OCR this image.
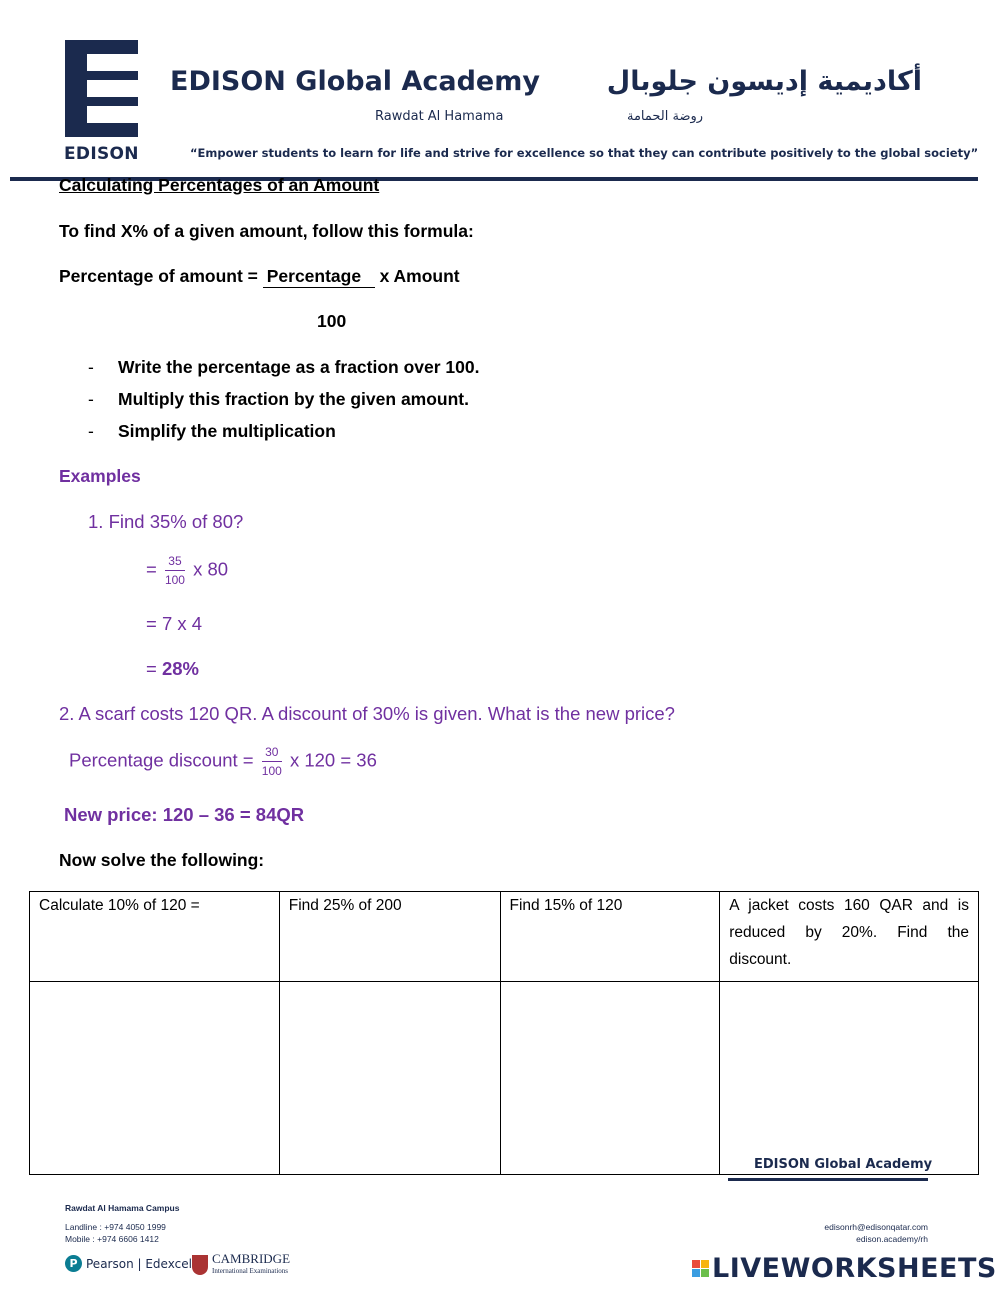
EDISON
EDISON Global Academy
Rawdat Al Hamama
أكاديمية إديسون جلوبال
روضة الحمامة
“Empower students to learn for life and strive for excellence so that they can contribute positively to the global society”
Calculating Percentages of an Amount
To find X% of a given amount, follow this formula:
Percentage of amount = Percentage x Amount
100
- Write the percentage as a fraction over 100.
- Multiply this fraction by the given amount.
- Simplify the multiplication
Examples
1. Find 35% of 80?
= $\frac{35}{100}$ x 80
= 7 x 4
= 28%
2. A scarf costs 120 QR. A discount of 30% is given. What is the new price?
Percentage discount = $\frac{30}{100}$ x 120 = 36
New price: 120 – 36 = 84QR
Now solve the following:
Calculate 10% of 120 =	Find 25% of 200	Find 15% of 120	A jacket costs 160 QAR and is reduced by 20%. Find the discount.

EDISON Global Academy
Rawdat Al Hamama Campus
Landline : +974 4050 1999
Mobile : +974 6606 1412
edisonrh@edisonqatar.com
edison.academy/rh
P Pearson | Edexcel CAMBRIDGE
International Examinations	LIVEWORKSHEETS
